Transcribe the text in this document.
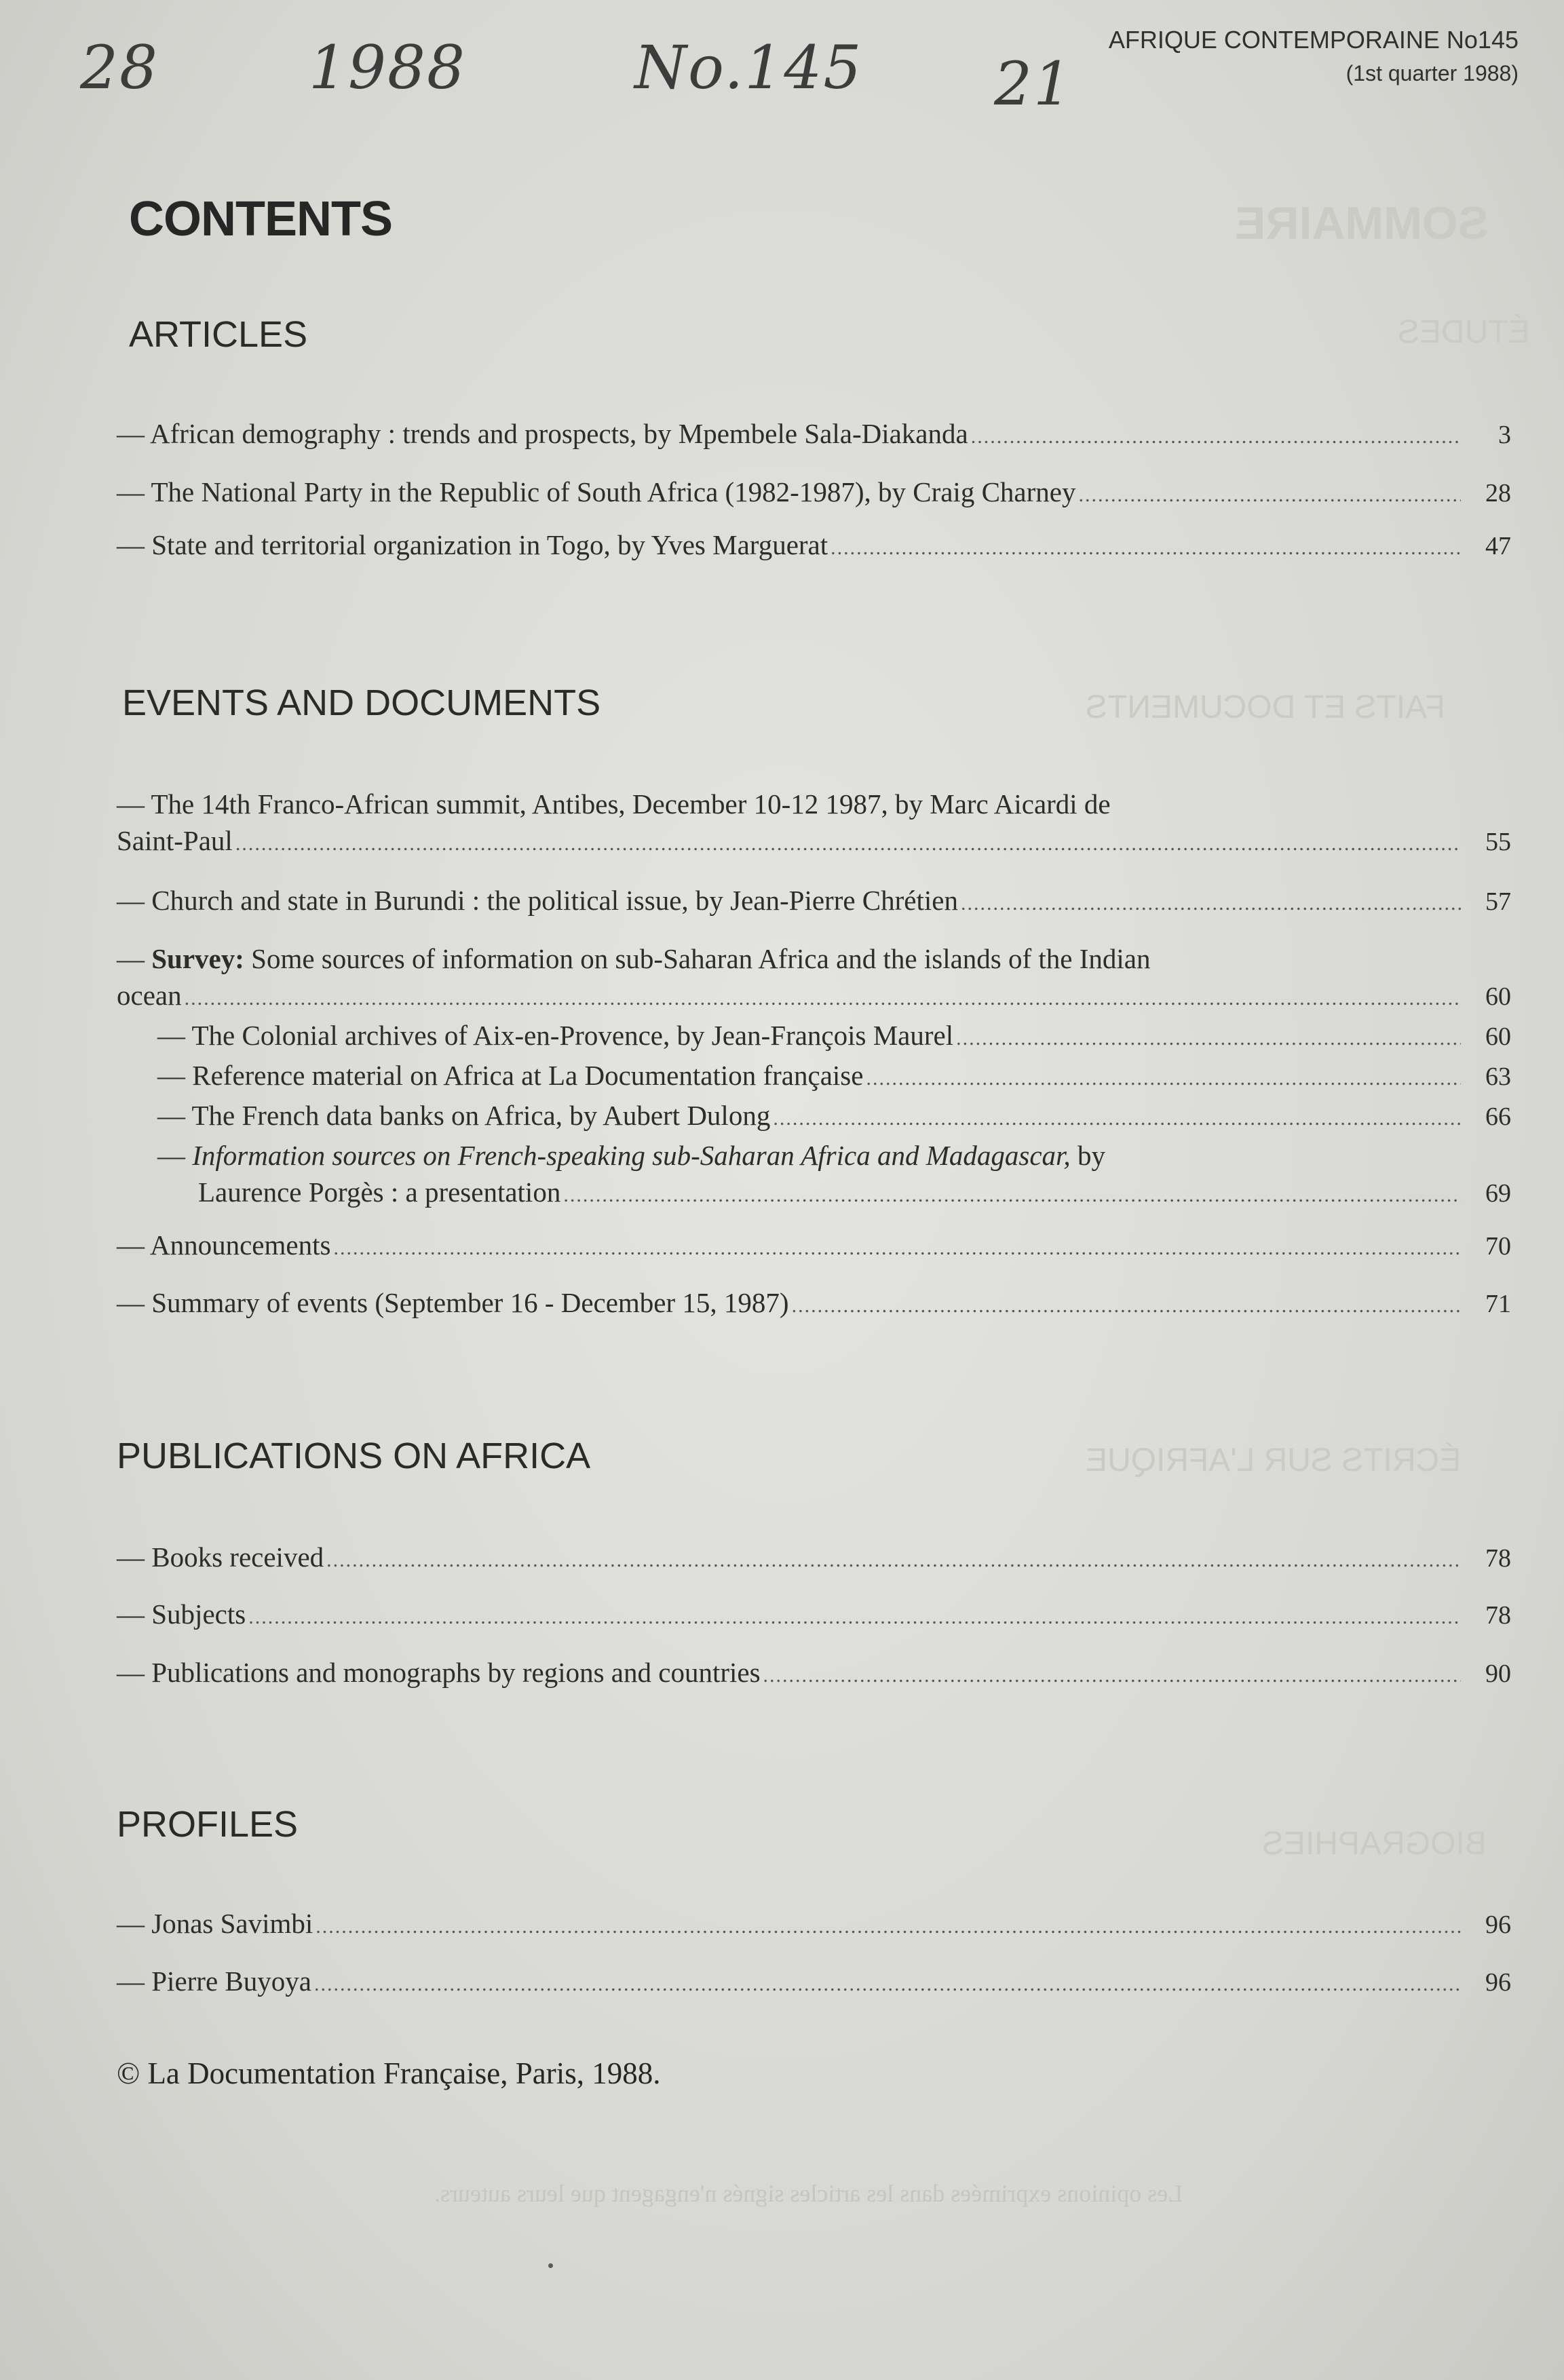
28	1988	No.145 21
AFRIQUE CONTEMPORAINE No145
(1st quarter 1988)
SOMMAIRE
ÉTUDES
FAITS ET DOCUMENTS
ÉCRITS SUR L'AFRIQUE
BIOGRAPHIES
Les opinions exprimées dans les articles signés n'engagent que leurs auteurs.
CONTENTS
ARTICLES
— African demography : trends and prospects, by Mpembele Sala-Diakanda .....	3
— The National Party in the Republic of South Africa (1982-1987), by Craig Charney .....	28
— State and territorial organization in Togo, by Yves Marguerat .....	47
EVENTS AND DOCUMENTS
— The 14th Franco-African summit, Antibes, December 10-12 1987, by Marc Aicardi de
Saint-Paul .....	55
— Church and state in Burundi : the political issue, by Jean-Pierre Chrétien .....	57
— Survey: Some sources of information on sub-Saharan Africa and the islands of the Indian
ocean .....	60
— The Colonial archives of Aix-en-Provence, by Jean-François Maurel .....	60
— Reference material on Africa at La Documentation française .....	63
— The French data banks on Africa, by Aubert Dulong .....	66
— Information sources on French-speaking sub-Saharan Africa and Madagascar, by
Laurence Porgès : a presentation .....	69
— Announcements .....	70
— Summary of events (September 16 - December 15, 1987) .....	71
PUBLICATIONS ON AFRICA
— Books received .....	78
— Subjects .....	78
— Publications and monographs by regions and countries .....	90
PROFILES
— Jonas Savimbi .....	96
— Pierre Buyoya .....	96
© La Documentation Française, Paris, 1988.
